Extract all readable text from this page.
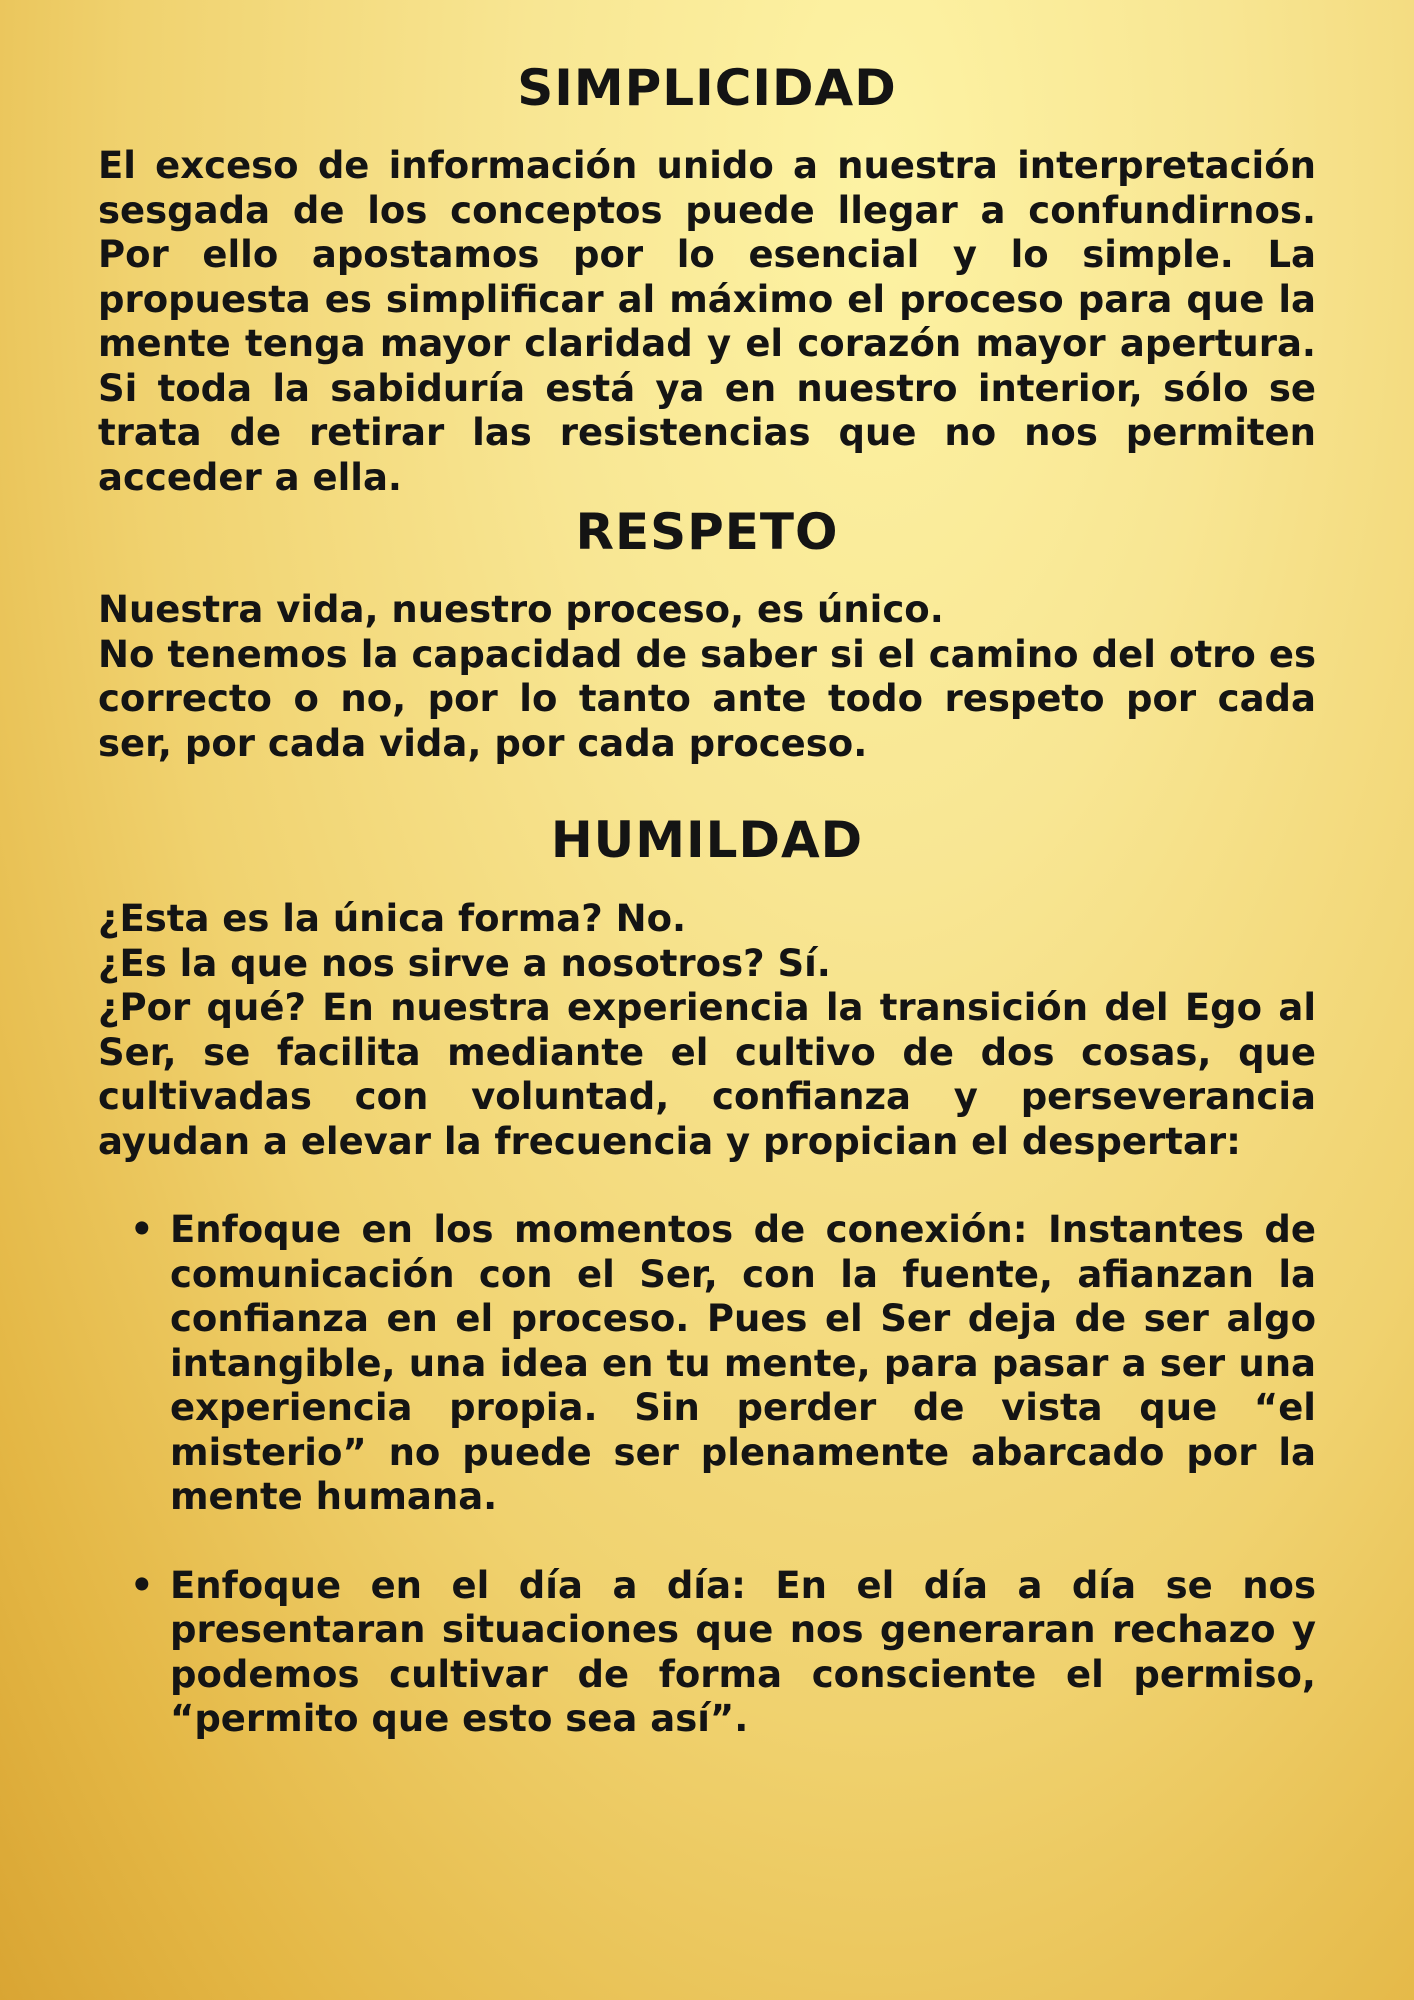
SIMPLICIDAD

El exceso de información unido a nuestra interpretación sesgada de los conceptos puede llegar a confundirnos. Por ello apostamos por lo esencial y lo simple. La propuesta es simplificar al máximo el proceso para que la mente tenga mayor claridad y el corazón mayor apertura. Si toda la sabiduría está ya en nuestro interior, sólo se trata de retirar las resistencias que no nos permiten acceder a ella.

RESPETO

Nuestra vida, nuestro proceso, es único.

No tenemos la capacidad de saber si el camino del otro es correcto o no, por lo tanto ante todo respeto por cada ser, por cada vida, por cada proceso.

HUMILDAD

¿Esta es la única forma? No.

¿Es la que nos sirve a nosotros? Sí.

¿Por qué? En nuestra experiencia la transición del Ego al Ser, se facilita mediante el cultivo de dos cosas, que cultivadas con voluntad, confianza y perseverancia ayudan a elevar la frecuencia y propician el despertar:

• Enfoque en los momentos de conexión: Instantes de comunicación con el Ser, con la fuente, afianzan la confianza en el proceso. Pues el Ser deja de ser algo intangible, una idea en tu mente, para pasar a ser una experiencia propia. Sin perder de vista que “el misterio” no puede ser plenamente abarcado por la mente humana.
• Enfoque en el día a día: En el día a día se nos presentaran situaciones que nos generaran rechazo y podemos cultivar de forma consciente el permiso, “permito que esto sea así”.
